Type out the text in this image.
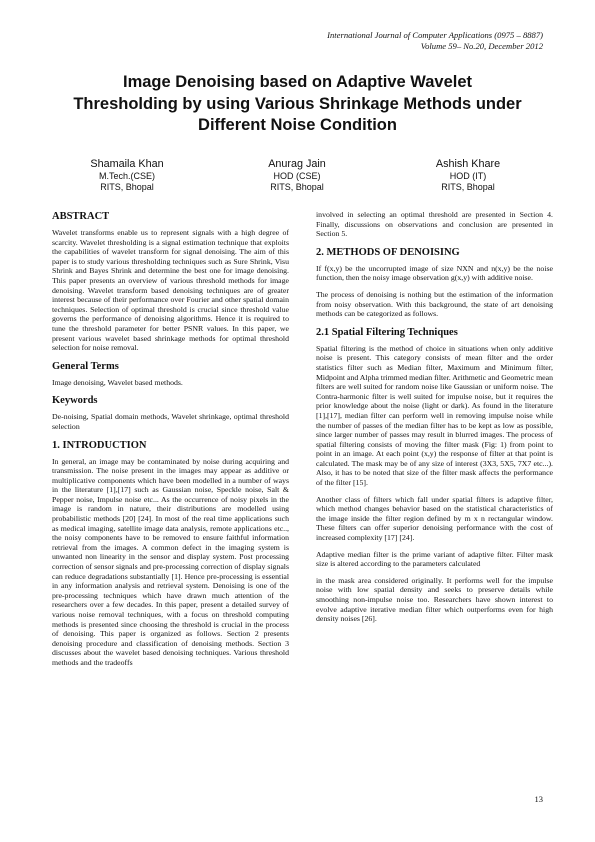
International Journal of Computer Applications (0975 – 8887)
Volume 59– No.20, December 2012
Image Denoising based on Adaptive Wavelet Thresholding by using Various Shrinkage Methods under Different Noise Condition
Shamaila Khan
M.Tech.(CSE)
RITS, Bhopal
Anurag Jain
HOD (CSE)
RITS, Bhopal
Ashish Khare
HOD (IT)
RITS, Bhopal
ABSTRACT

Wavelet transforms enable us to represent signals with a high degree of scarcity. Wavelet thresholding is a signal estimation technique that exploits the capabilities of wavelet transform for signal denoising. The aim of this paper is to study various thresholding techniques such as Sure Shrink, Visu Shrink and Bayes Shrink and determine the best one for image denoising. This paper presents an overview of various threshold methods for image denoising. Wavelet transform based denoising techniques are of greater interest because of their performance over Fourier and other spatial domain techniques. Selection of optimal threshold is crucial since threshold value governs the performance of denoising algorithms. Hence it is required to tune the threshold parameter for better PSNR values. In this paper, we present various wavelet based shrinkage methods for optimal threshold selection for noise removal.

General Terms

Image denoising, Wavelet based methods.

Keywords

De-noising, Spatial domain methods, Wavelet shrinkage, optimal threshold selection

1. INTRODUCTION

In general, an image may be contaminated by noise during acquiring and transmission. The noise present in the images may appear as additive or multiplicative components which have been modelled in a number of ways in the literature [1],[17] such as Gaussian noise, Speckle noise, Salt & Pepper noise, Impulse noise etc... As the occurrence of noisy pixels in the image is random in nature, their distributions are modelled using probabilistic methods [20] [24]. In most of the real time applications such as medical imaging, satellite image data analysis, remote applications etc.., the noisy components have to be removed to ensure faithful information retrieval from the images. A common defect in the imaging system is unwanted non linearity in the sensor and display system. Post processing correction of sensor signals and pre-processing correction of display signals can reduce degradations substantially [1]. Hence pre-processing is essential in any information analysis and retrieval system. Denoising is one of the pre-processing techniques which have drawn much attention of the researchers over a few decades. In this paper, present a detailed survey of various noise removal techniques, with a focus on threshold computing methods is presented since choosing the threshold is crucial in the process of denoising. This paper is organized as follows. Section 2 presents denoising procedure and classification of denoising methods. Section 3 discusses about the wavelet based denoising techniques. Various threshold methods and the tradeoffs

involved in selecting an optimal threshold are presented in Section 4. Finally, discussions on observations and conclusion are presented in Section 5.

2. METHODS OF DENOISING

If f(x,y) be the uncorrupted image of size NXN and n(x,y) be the noise function, then the noisy image observation g(x,y) with additive noise.

The process of denoising is nothing but the estimation of the information from noisy observation. With this background, the state of art denoising methods can be categorized as follows.

2.1 Spatial Filtering Techniques

Spatial filtering is the method of choice in situations when only additive noise is present. This category consists of mean filter and the order statistics filter such as Median filter, Maximum and Minimum filter, Midpoint and Alpha trimmed median filter. Arithmetic and Geometric mean filters are well suited for random noise like Gaussian or uniform noise. The Contra-harmonic filter is well suited for impulse noise, but it requires the prior knowledge about the noise (light or dark). As found in the literature [1],[17], median filter can perform well in removing impulse noise while the number of passes of the median filter has to be kept as low as possible, since larger number of passes may result in blurred images. The process of spatial filtering consists of moving the filter mask (Fig: 1) from point to point in an image. At each point (x,y) the response of filter at that point is calculated. The mask may be of any size of interest (3X3, 5X5, 7X7 etc...). Also, it has to be noted that size of the filter mask affects the performance of the filter [15].

Another class of filters which fall under spatial filters is adaptive filter, which method changes behavior based on the statistical characteristics of the image inside the filter region defined by m x n rectangular window. These filters can offer superior denoising performance with the cost of increased complexity [17] [24].

Adaptive median filter is the prime variant of adaptive filter. Filter mask size is altered according to the parameters calculated

in the mask area considered originally. It performs well for the impulse noise with low spatial density and seeks to preserve details while smoothing non-impulse noise too. Researchers have shown interest to evolve adaptive iterative median filter which outperforms even for high density noises [26].

13
